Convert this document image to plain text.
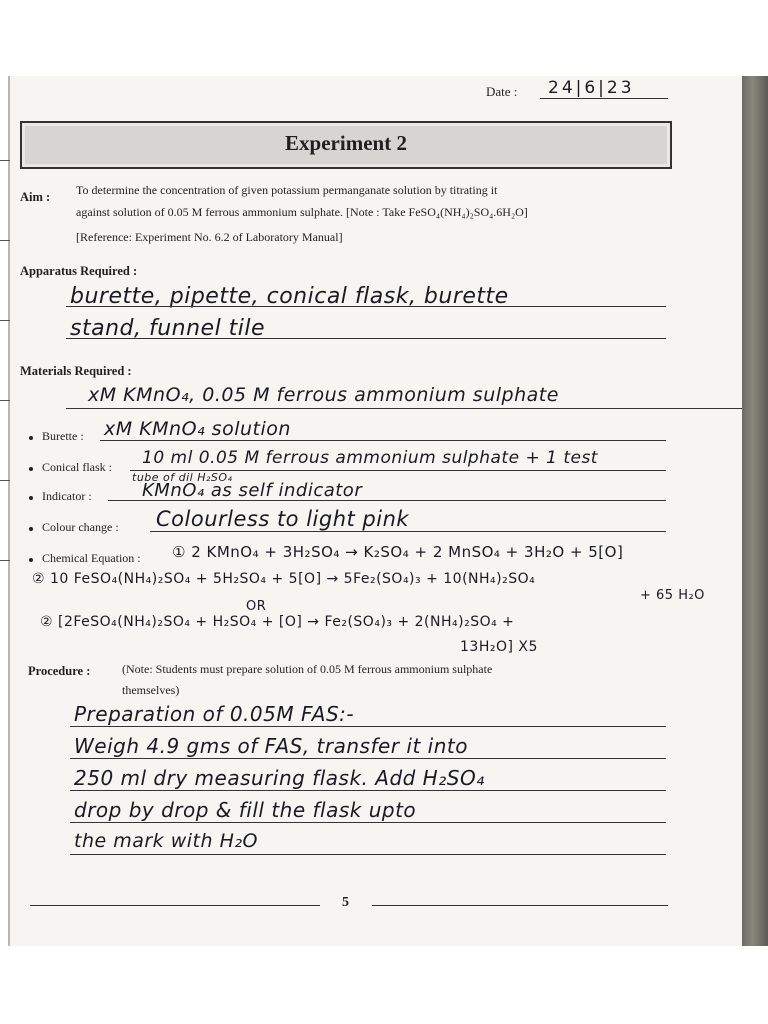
Date : 24|6|23
Experiment 2
Aim : To determine the concentration of given potassium permanganate solution by titrating it
against solution of 0.05 M ferrous ammonium sulphate. [Note : Take FeSO₄(NH₄)₂SO₄.6H₂O]
[Reference: Experiment No. 6.2 of Laboratory Manual]
Apparatus Required :
burette, pipette, conical flask, burette
stand, funnel tile
Materials Required :
xM KMnO₄, 0.05 M ferrous ammonium sulphate
Burette : xM KMnO₄ solution
Conical flask : 10 ml 0.05 M ferrous ammonium sulphate + 1 test
tube of dil H₂SO₄
Indicator :	KMnO₄ as self indicator
Colour change : Colourless to light pink
Chemical Equation : ① 2 KMnO₄ + 3H₂SO₄ → K₂SO₄ + 2 MnSO₄ + 3H₂O + 5[O]
② 10 FeSO₄(NH₄)₂SO₄ + 5H₂SO₄ + 5[O] → 5Fe₂(SO₄)₃ + 10(NH₄)₂SO₄
+ 65 H₂O
OR
② [2FeSO₄(NH₄)₂SO₄ + H₂SO₄ + [O] → Fe₂(SO₄)₃ + 2(NH₄)₂SO₄ +
13H₂O] X5
Procedure :	(Note: Students must prepare solution of 0.05 M ferrous ammonium sulphate
themselves)
Preparation of 0.05M FAS:-
Weigh 4.9 gms of FAS, transfer it into
250 ml dry measuring flask. Add H₂SO₄
drop by drop & fill the flask upto
the mark with H₂O
5
